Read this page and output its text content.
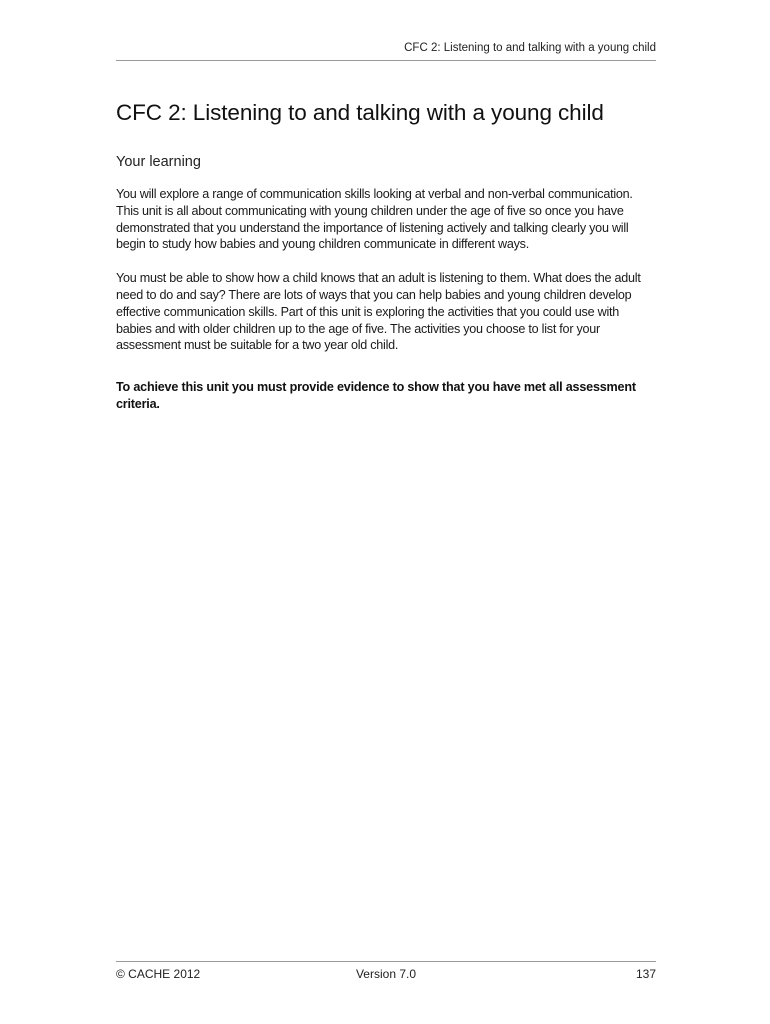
CFC 2: Listening to and talking with a young child
CFC 2: Listening to and talking with a young child
Your learning

You will explore a range of communication skills looking at verbal and non-verbal communication. This unit is all about communicating with young children under the age of five so once you have demonstrated that you understand the importance of listening actively and talking clearly you will begin to study how babies and young children communicate in different ways.

You must be able to show how a child knows that an adult is listening to them. What does the adult need to do and say? There are lots of ways that you can help babies and young children develop effective communication skills. Part of this unit is exploring the activities that you could use with babies and with older children up to the age of five. The activities you choose to list for your assessment must be suitable for a two year old child.

To achieve this unit you must provide evidence to show that you have met all assessment criteria.

© CACHE 2012	Version 7.0	137
